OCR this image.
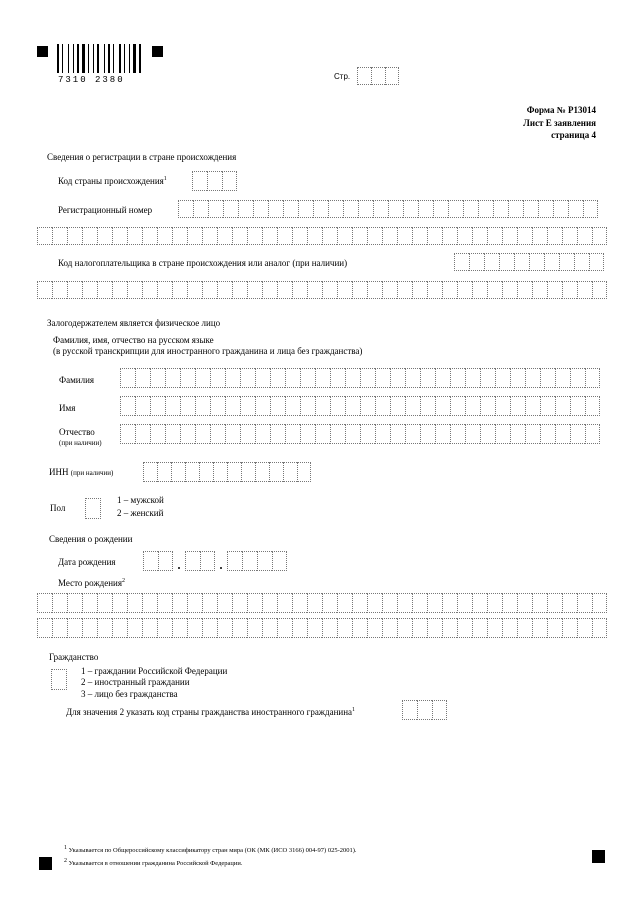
7310 2380	Стр.
Форма № Р13014
Лист Е заявления
страница 4
Сведения о регистрации в стране происхождения
Код страны происхождения$^1$
Регистрационный номер
Код налогоплательщика в стране происхождения или аналог (при наличии)
Залогодержателем является физическое лицо
Фамилия, имя, отчество на русском языке
(в русской транскрипции для иностранного гражданина и лица без гражданства)
Фамилия
Имя
Отчество
(при наличии)
ИНН (при наличии)
Пол
1 – мужской
2 – женский
Сведения о рождении
Дата рождения
Место рождения$^2$
Гражданство
1 – граждании Российской Федерации
2 – иностранный граждании
3 – лицо без гражданства
Для значения 2 указать код страны гражданства иностранного гражданина$^1$
$^1$ Указывается по Общероссийскому классификатору стран мира (ОК (МК (ИСО 3166) 004-97) 025-2001).
$^2$ Указывается в отношении гражданина Российской Федерации.
